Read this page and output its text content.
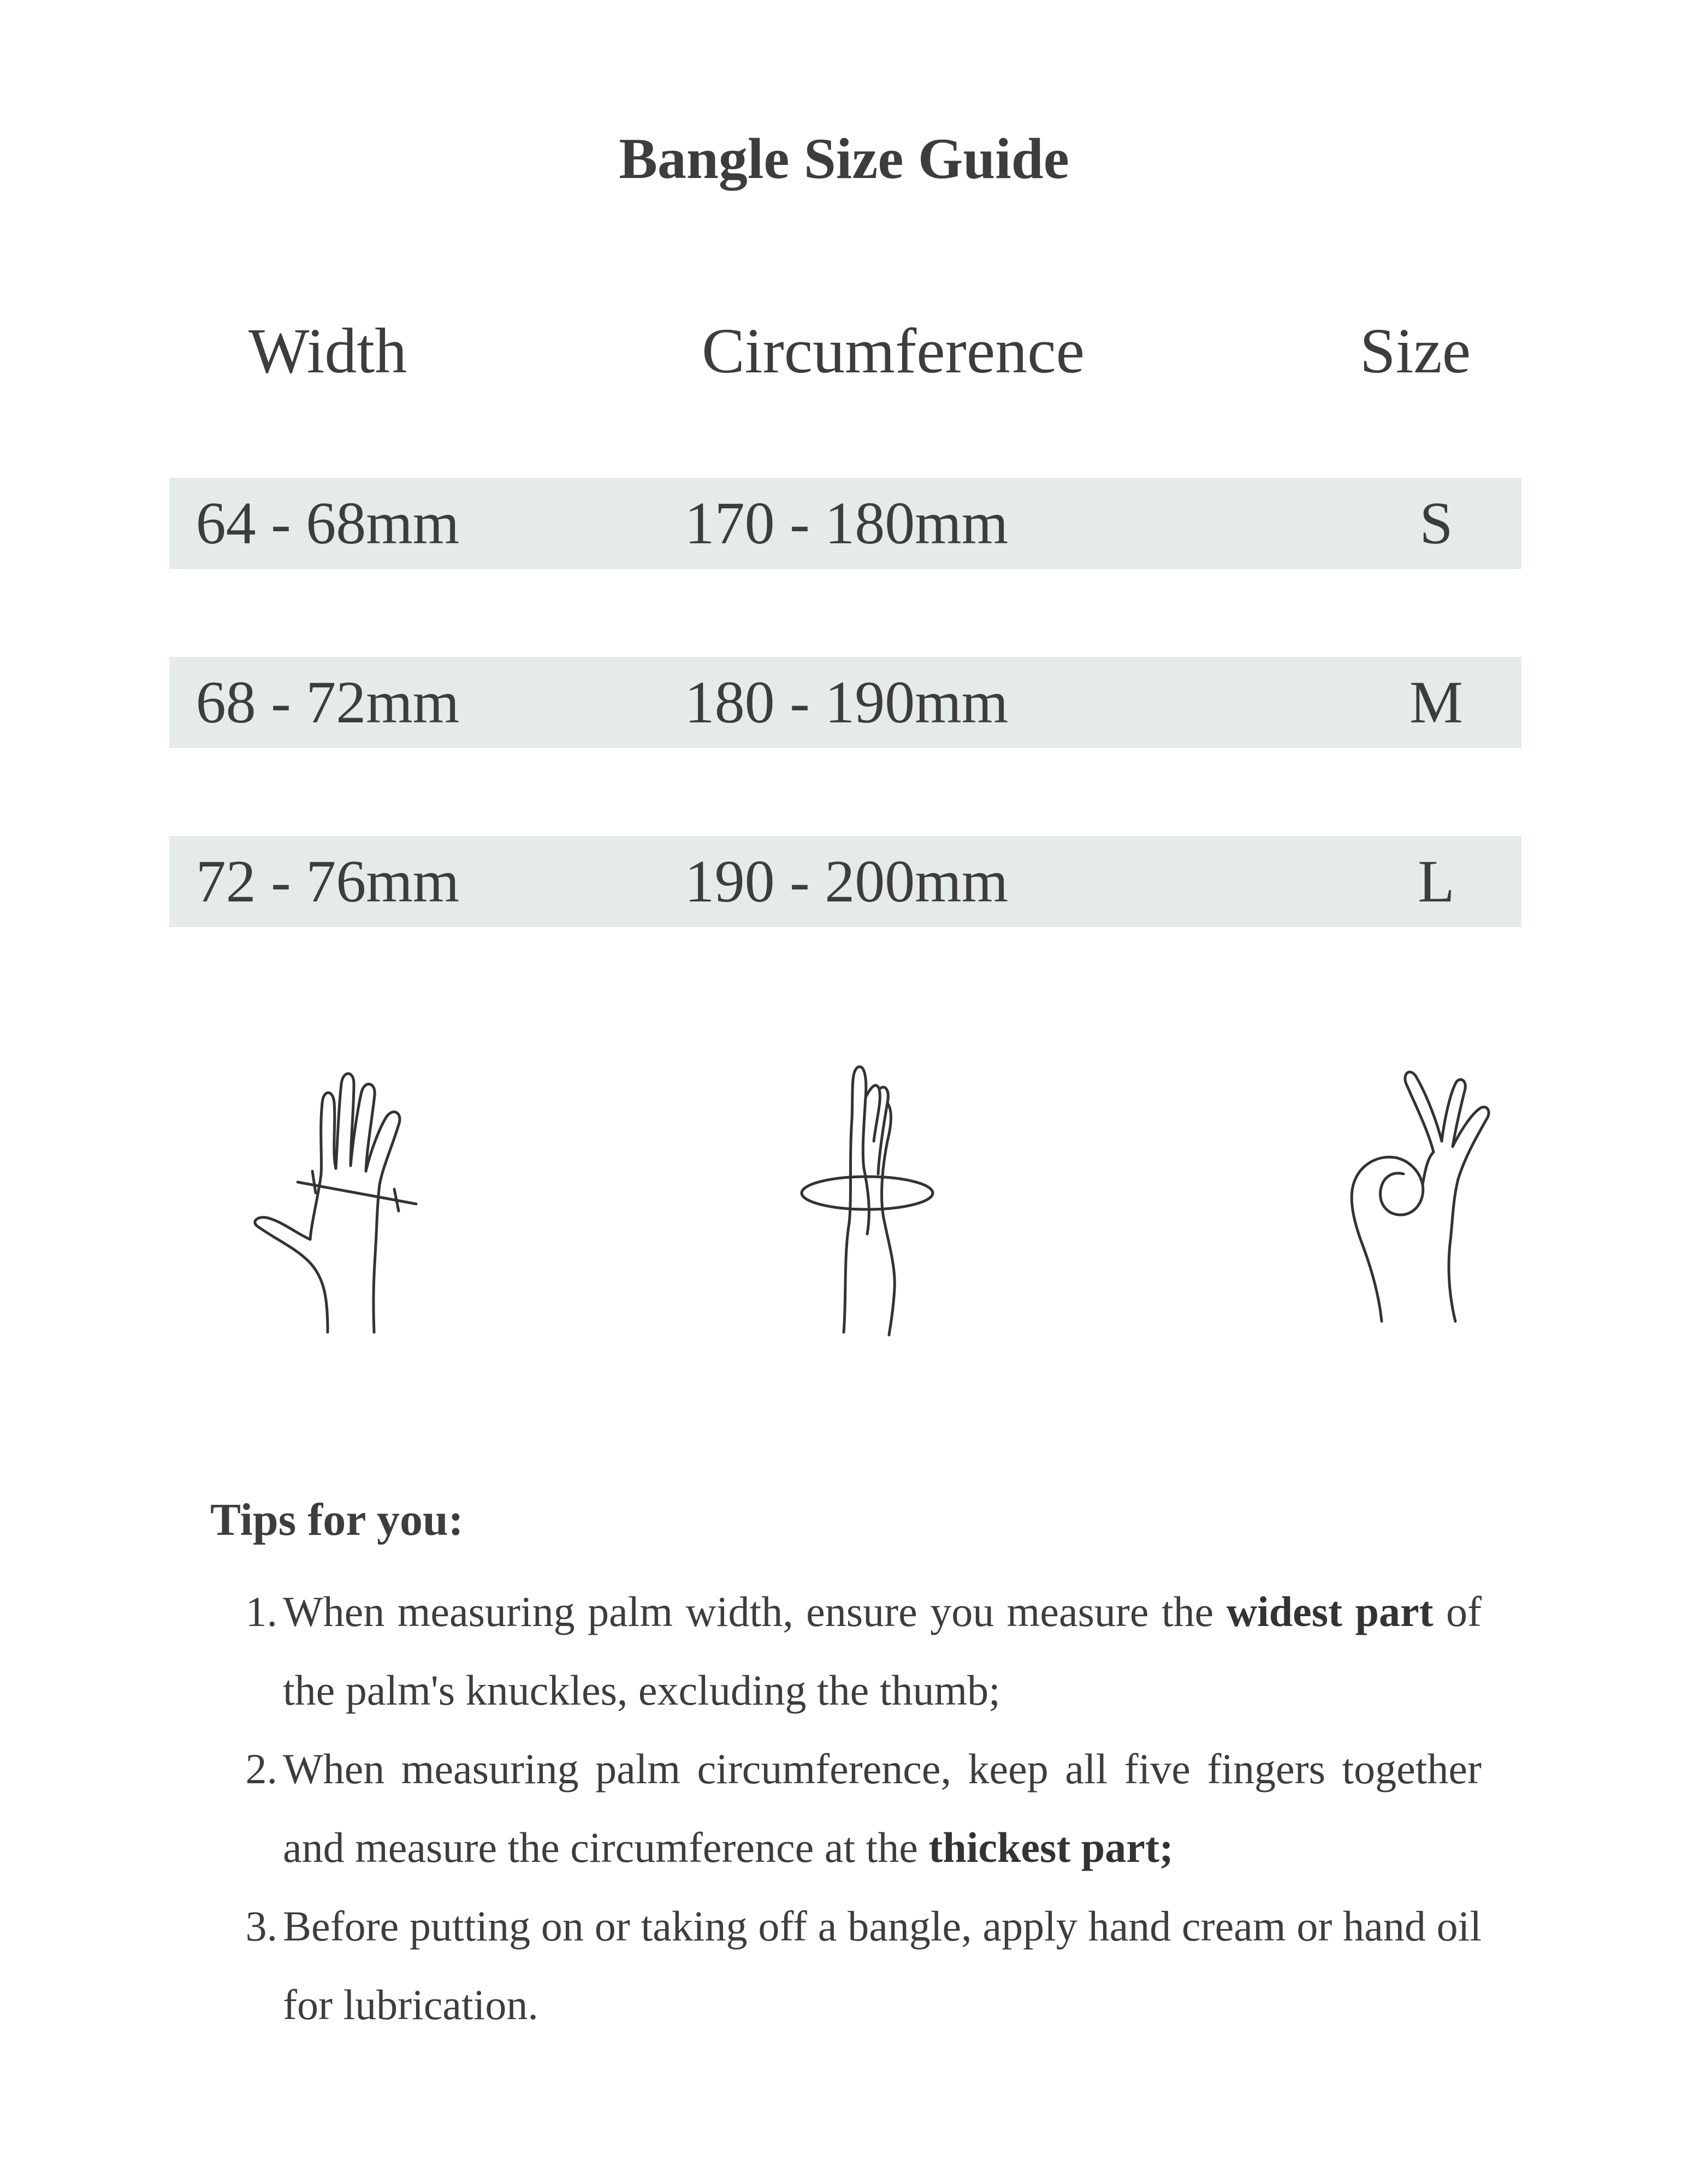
Bangle Size Guide
Width	Circumference	Size
64 - 68mm	170 - 180mm	S
68 - 72mm	180 - 190mm	M
72 - 76mm	190 - 200mm	L
Tips for you:
1. When measuring palm width, ensure you measure the widest part of the palm's knuckles, excluding the thumb;
2. When measuring palm circumference, keep all five fingers together and measure the circumference at the thickest part;
3. Before putting on or taking off a bangle, apply hand cream or hand oil for lubrication.
